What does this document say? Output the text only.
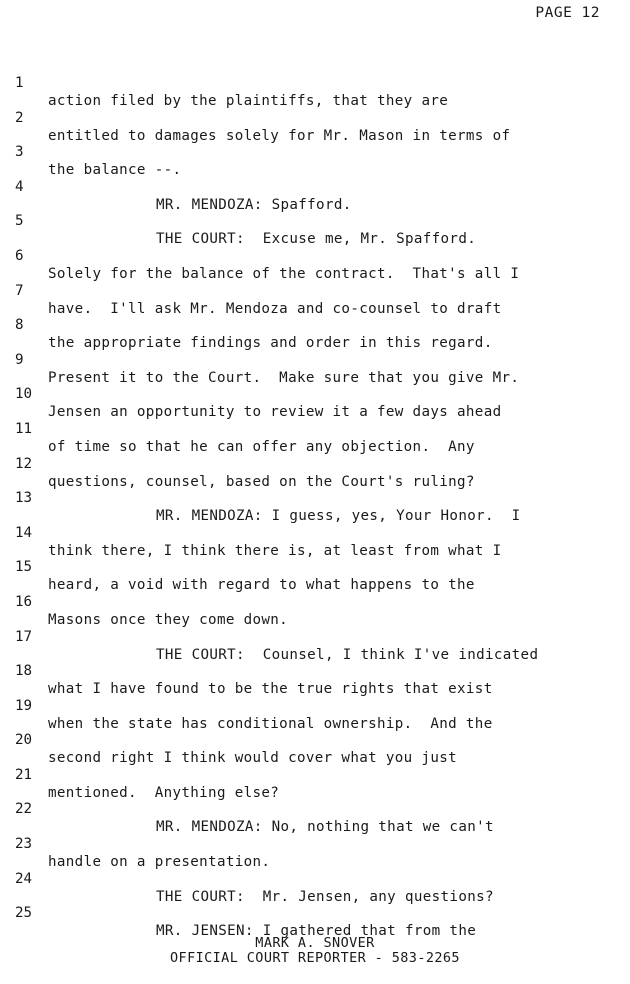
PAGE 12

1

action filed by the plaintiffs, that they are

2

entitled to damages solely for Mr. Mason in terms of

3

the balance --.

4

MR. MENDOZA: Spafford.

5

THE COURT:  Excuse me, Mr. Spafford.

6

Solely for the balance of the contract.  That's all I

7

have.  I'll ask Mr. Mendoza and co-counsel to draft

8

the appropriate findings and order in this regard.

9

Present it to the Court.  Make sure that you give Mr.

10

Jensen an opportunity to review it a few days ahead

11

of time so that he can offer any objection.  Any

12

questions, counsel, based on the Court's ruling?

13

MR. MENDOZA: I guess, yes, Your Honor.  I

14

think there, I think there is, at least from what I

15

heard, a void with regard to what happens to the

16

Masons once they come down.

17

THE COURT:  Counsel, I think I've indicated

18

what I have found to be the true rights that exist

19

when the state has conditional ownership.  And the

20

second right I think would cover what you just

21

mentioned.  Anything else?

22

MR. MENDOZA: No, nothing that we can't

23

handle on a presentation.

24

THE COURT:  Mr. Jensen, any questions?

25

MR. JENSEN: I gathered that from the

MARK A. SNOVER
OFFICIAL COURT REPORTER - 583-2265
